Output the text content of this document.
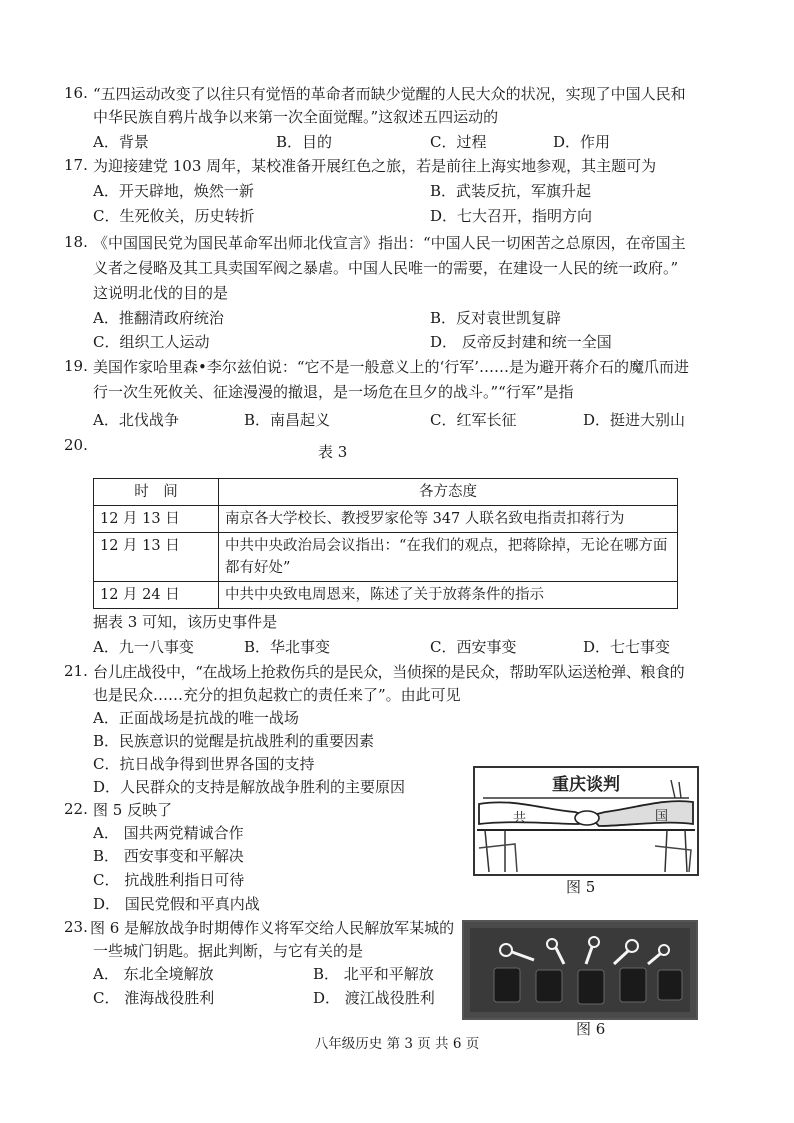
16. “五四运动改变了以往只有觉悟的革命者而缺少觉醒的人民大众的状况，实现了中国人民和
中华民族自鸦片战争以来第一次全面觉醒。”这叙述五四运动的
A．背景	B．目的	C．过程	D．作用
17. 为迎接建党 103 周年，某校准备开展红色之旅，若是前往上海实地参观，其主题可为
A．开天辟地，焕然一新	B．武装反抗，军旗升起
C．生死攸关，历史转折	D．七大召开，指明方向
18. 《中国国民党为国民革命军出师北伐宣言》指出：“中国人民一切困苦之总原因，在帝国主
义者之侵略及其工具卖国军阀之暴虐。中国人民唯一的需要，在建设一人民的统一政府。”
这说明北伐的目的是
A．推翻清政府统治	B．反对袁世凯复辟
C．组织工人运动	D． 反帝反封建和统一全国
19. 美国作家哈里森•李尔兹伯说：“它不是一般意义上的‘行军’……是为避开蒋介石的魔爪而进
行一次生死攸关、征途漫漫的撤退，是一场危在旦夕的战斗。”“行军”是指
A．北伐战争	B．南昌起义	C．红军长征	D．挺进大别山
20.	表 3
时　间	各方态度
12 月 13 日	南京各大学校长、教授罗家伦等 347 人联名致电指责扣蒋行为
12 月 13 日	中共中央政治局会议指出：“在我们的观点，把蒋除掉，无论在哪方面都有好处”
12 月 24 日	中共中央致电周恩来，陈述了关于放蒋条件的指示
据表 3 可知，该历史事件是
A．九一八事变	B．华北事变	C．西安事变	D．七七事变
21. 台儿庄战役中，“在战场上抢救伤兵的是民众，当侦探的是民众，帮助军队运送枪弹、粮食的
也是民众……充分的担负起救亡的责任来了”。由此可见
A．正面战场是抗战的唯一战场
B．民族意识的觉醒是抗战胜利的重要因素
C．抗日战争得到世界各国的支持
D．人民群众的支持是解放战争胜利的主要原因
22. 图 5 反映了
A． 国共两党精诚合作
B． 西安事变和平解决
C． 抗战胜利指日可待
D． 国民党假和平真内战
重庆谈判
共	国
图 5
23. 图 6 是解放战争时期傅作义将军交给人民解放军某城的
一些城门钥匙。据此判断，与它有关的是
A． 东北全境解放	B． 北平和平解放
C． 淮海战役胜利	D． 渡江战役胜利
图 6
八年级历史 第 3 页 共 6 页
